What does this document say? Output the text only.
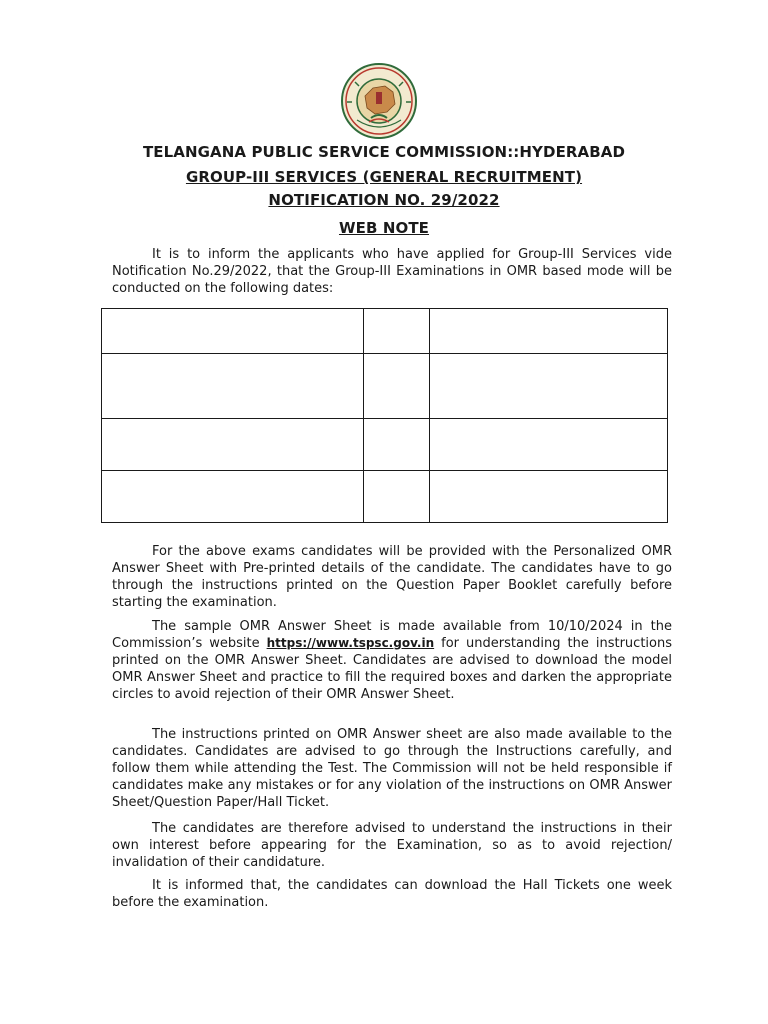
TELANGANA PUBLIC SERVICE COMMISSION::HYDERABAD
GROUP-III SERVICES (GENERAL RECRUITMENT)
NOTIFICATION NO. 29/2022
WEB NOTE

It is to inform the applicants who have applied for Group-III Services vide Notification No.29/2022, that the Group-III Examinations in OMR based mode will be conducted on the following dates:

For the above exams candidates will be provided with the Personalized OMR Answer Sheet with Pre-printed details of the candidate. The candidates have to go through the instructions printed on the Question Paper Booklet carefully before starting the examination.

The sample OMR Answer Sheet is made available from 10/10/2024 in the Commission’s website https://www.tspsc.gov.in for understanding the instructions printed on the OMR Answer Sheet. Candidates are advised to download the model OMR Answer Sheet and practice to fill the required boxes and darken the appropriate circles to avoid rejection of their OMR Answer Sheet.

The instructions printed on OMR Answer sheet are also made available to the candidates. Candidates are advised to go through the Instructions carefully, and follow them while attending the Test. The Commission will not be held responsible if candidates make any mistakes or for any violation of the instructions on OMR Answer Sheet/Question Paper/Hall Ticket.

The candidates are therefore advised to understand the instructions in their own interest before appearing for the Examination, so as to avoid rejection/ invalidation of their candidature.

It is informed that, the candidates can download the Hall Tickets one week before the examination.
